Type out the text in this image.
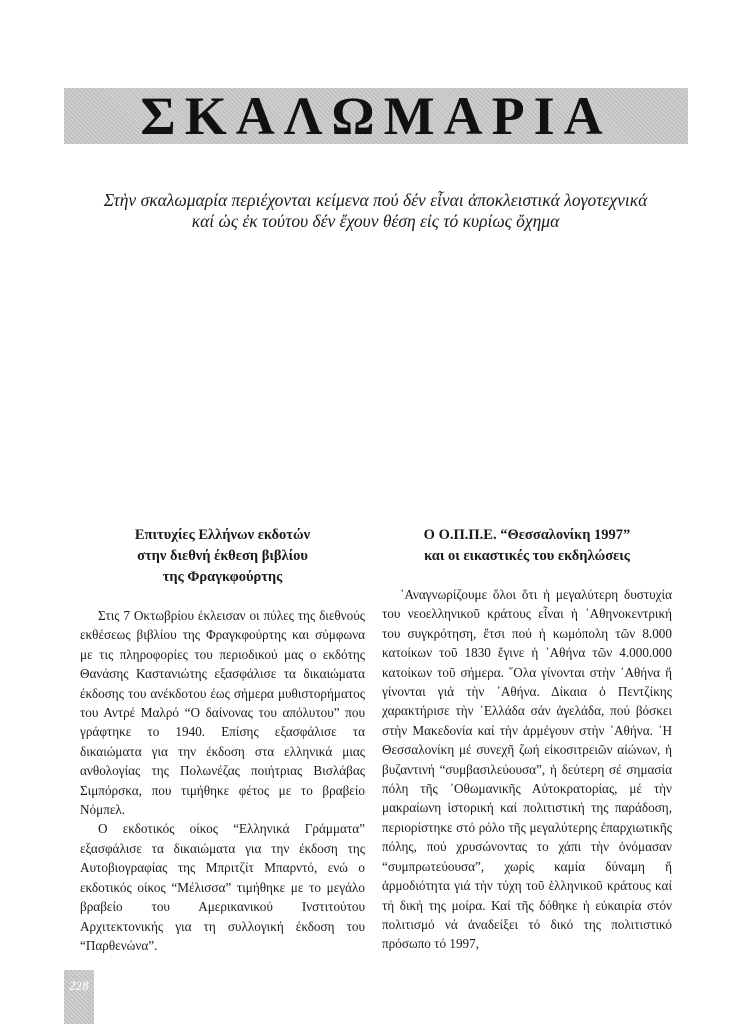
ΣΚΑΛΩΜΑΡΙΑ
Στὴν σκαλωμαρία περιέχονται κείμενα πού δέν εἶναι ἀποκλειστικά λογοτεχνικά
καί ὡς ἐκ τούτου δέν ἔχουν θέση εἰς τό κυρίως ὄχημα
Επιτυχίες Ελλήνων εκδοτών
στην διεθνή έκθεση βιβλίου
της Φραγκφούρτης

Στις 7 Οκτωβρίου έκλεισαν οι πύλες της διεθνούς εκθέσεως βιβλίου της Φραγκφούρτης και σύμφωνα με τις πληροφορίες του περιοδικού μας ο εκδότης Θανάσης Καστανιώτης εξασφάλισε τα δικαιώματα έκδοσης του ανέκδοτου έως σήμερα μυθιστορήματος του Αντρέ Μαλρό “Ο δαίνονας του απόλυτου” που γράφτηκε το 1940. Επίσης εξασφάλισε τα δικαιώματα για την έκδοση στα ελληνικά μιας ανθολογίας της Πολωνέζας ποιήτριας Βισλάβας Σιμπόρσκα, που τιμήθηκε φέτος με το βραβείο Νόμπελ.

Ο εκδοτικός οίκος “Ελληνικά Γράμματα” εξασφάλισε τα δικαιώματα για την έκδοση της Αυτοβιογραφίας της Μπριτζίτ Μπαρντό, ενώ ο εκδοτικός οίκος “Μέλισσα” τιμήθηκε με το μεγάλο βραβείο του Αμερικανικού Ινστιτούτου Αρχιτεκτονικής για τη συλλογική έκδοση του “Παρθενώνα”.

Ο Ο.Π.Π.Ε. “Θεσσαλονίκη 1997”
και οι εικαστικές του εκδηλώσεις

᾿Αναγνωρίζουμε ὅλοι ὅτι ἡ μεγαλύτερη δυστυχία του νεοελληνικοῦ κράτους εἶναι ἡ ᾿Αθηνοκεντρική του συγκρότηση, ἔτσι πού ἡ κωμόπολη τῶν 8.000 κατοίκων τοῦ 1830 ἔγινε ἡ ᾿Αθήνα τῶν 4.000.000 κατοίκων τοῦ σήμερα. ῞Ολα γίνονται στὴν ᾿Αθήνα ἤ γίνονται γιά τὴν ᾿Αθήνα. Δίκαια ὁ Πεντζίκης χαρακτήρισε τὴν ῾Ελλάδα σάν ἀγελάδα, πού βόσκει στὴν Μακεδονία καί τὴν ἀρμέγουν στὴν ᾿Αθήνα. ῾Η Θεσσαλονίκη μέ συνεχῆ ζωή εἰκοσιτρειῶν αἰώνων, ἡ βυζαντινή “συμβασιλεύουσα”, ἡ δεύτερη σέ σημασία πόλη τῆς ᾿Οθωμανικῆς Αὐτοκρατορίας, μέ τὴν μακραίωνη ἱστορική καί πολιτιστική της παράδοση, περιορίστηκε στό ρόλο τῆς μεγαλύτερης ἐπαρχιωτικῆς πόλης, πού χρυσώνοντας το χάπι τὴν ὀνόμασαν “συμπρωτεύουσα”, χωρίς καμία δύναμη ἤ ἁρμοδιότητα γιά τὴν τύχη τοῦ ἑλληνικοῦ κράτους καί τή δική της μοίρα. Καί τῆς δόθηκε ἡ εὐκαιρία στόν πολιτισμό νά ἀναδείξει τό δικό της πολιτιστικό πρόσωπο τό 1997,

228
